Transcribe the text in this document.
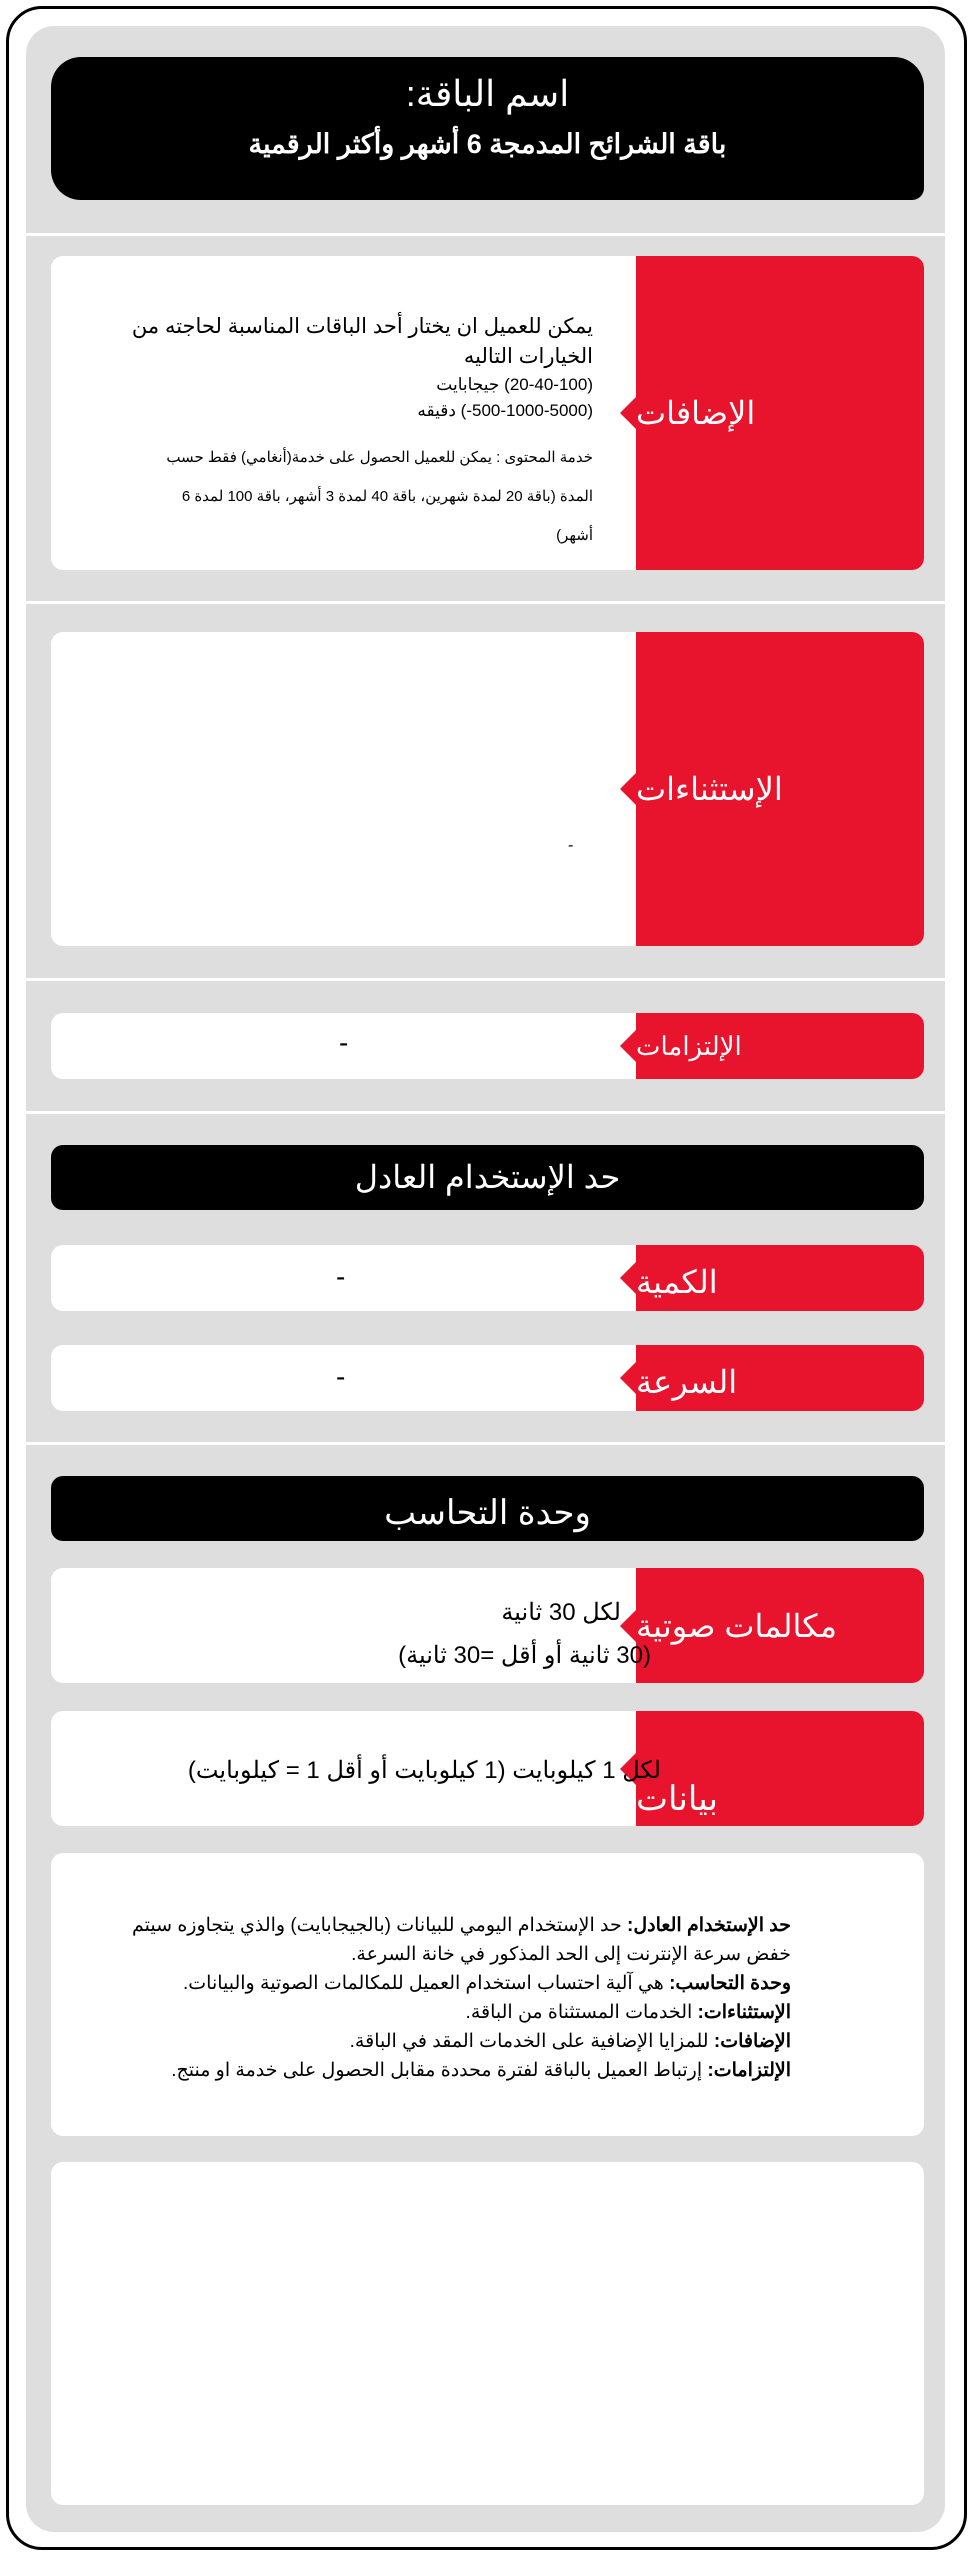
اسم الباقة:
باقة الشرائح المدمجة 6 أشهر وأكثر الرقمية
الإضافات
يمكن للعميل ان يختار أحد الباقات المناسبة لحاجته من الخيارات التاليه
(20-40-100) جيجابايت
(500-1000-5000-) دقيقه
خدمة المحتوى : يمكن للعميل الحصول على خدمة(أنغامي) فقط حسب المدة (باقة 20 لمدة شهرين، باقة 40 لمدة 3 أشهر، باقة 100 لمدة 6 أشهر)
الإستثناءات
-
الإلتزامات
-
حد الإستخدام العادل
الكمية
-
السرعة
-
وحدة التحاسب
مكالمات صوتية
لكل 30 ثانية
(30 ثانية أو أقل =30 ثانية)
بيانات
لكل 1 كيلوبايت (1 كيلوبايت أو أقل 1 = كيلوبايت)
حد الإستخدام العادل: حد الإستخدام اليومي للبيانات (بالجيجابايت) والذي يتجاوزه سيتم خفض سرعة الإنترنت إلى الحد المذكور في خانة السرعة.
وحدة التحاسب: هي آلية احتساب استخدام العميل للمكالمات الصوتية والبيانات.
الإستثناءات: الخدمات المستثناة من الباقة.
الإضافات: للمزايا الإضافية على الخدمات المقد في الباقة.
الإلتزامات: إرتباط العميل بالباقة لفترة محددة مقابل الحصول على خدمة او منتج.
